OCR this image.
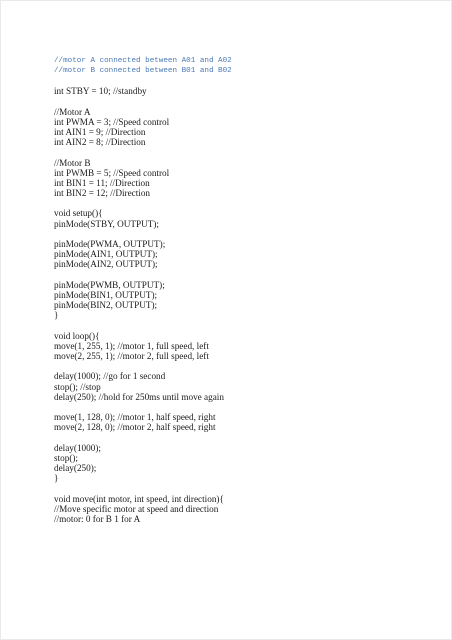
//motor A connected between A01 and A02
//motor B connected between B01 and B02
int STBY = 10; //standby
//Motor A
int PWMA = 3; //Speed control
int AIN1 = 9; //Direction
int AIN2 = 8; //Direction
//Motor B
int PWMB = 5; //Speed control
int BIN1 = 11; //Direction
int BIN2 = 12; //Direction
void setup(){
pinMode(STBY, OUTPUT);
pinMode(PWMA, OUTPUT);
pinMode(AIN1, OUTPUT);
pinMode(AIN2, OUTPUT);
pinMode(PWMB, OUTPUT);
pinMode(BIN1, OUTPUT);
pinMode(BIN2, OUTPUT);
}
void loop(){
move(1, 255, 1); //motor 1, full speed, left
move(2, 255, 1); //motor 2, full speed, left
delay(1000); //go for 1 second
stop(); //stop
delay(250); //hold for 250ms until move again
move(1, 128, 0); //motor 1, half speed, right
move(2, 128, 0); //motor 2, half speed, right
delay(1000);
stop();
delay(250);
}
void move(int motor, int speed, int direction){
//Move specific motor at speed and direction
//motor: 0 for B 1 for A
